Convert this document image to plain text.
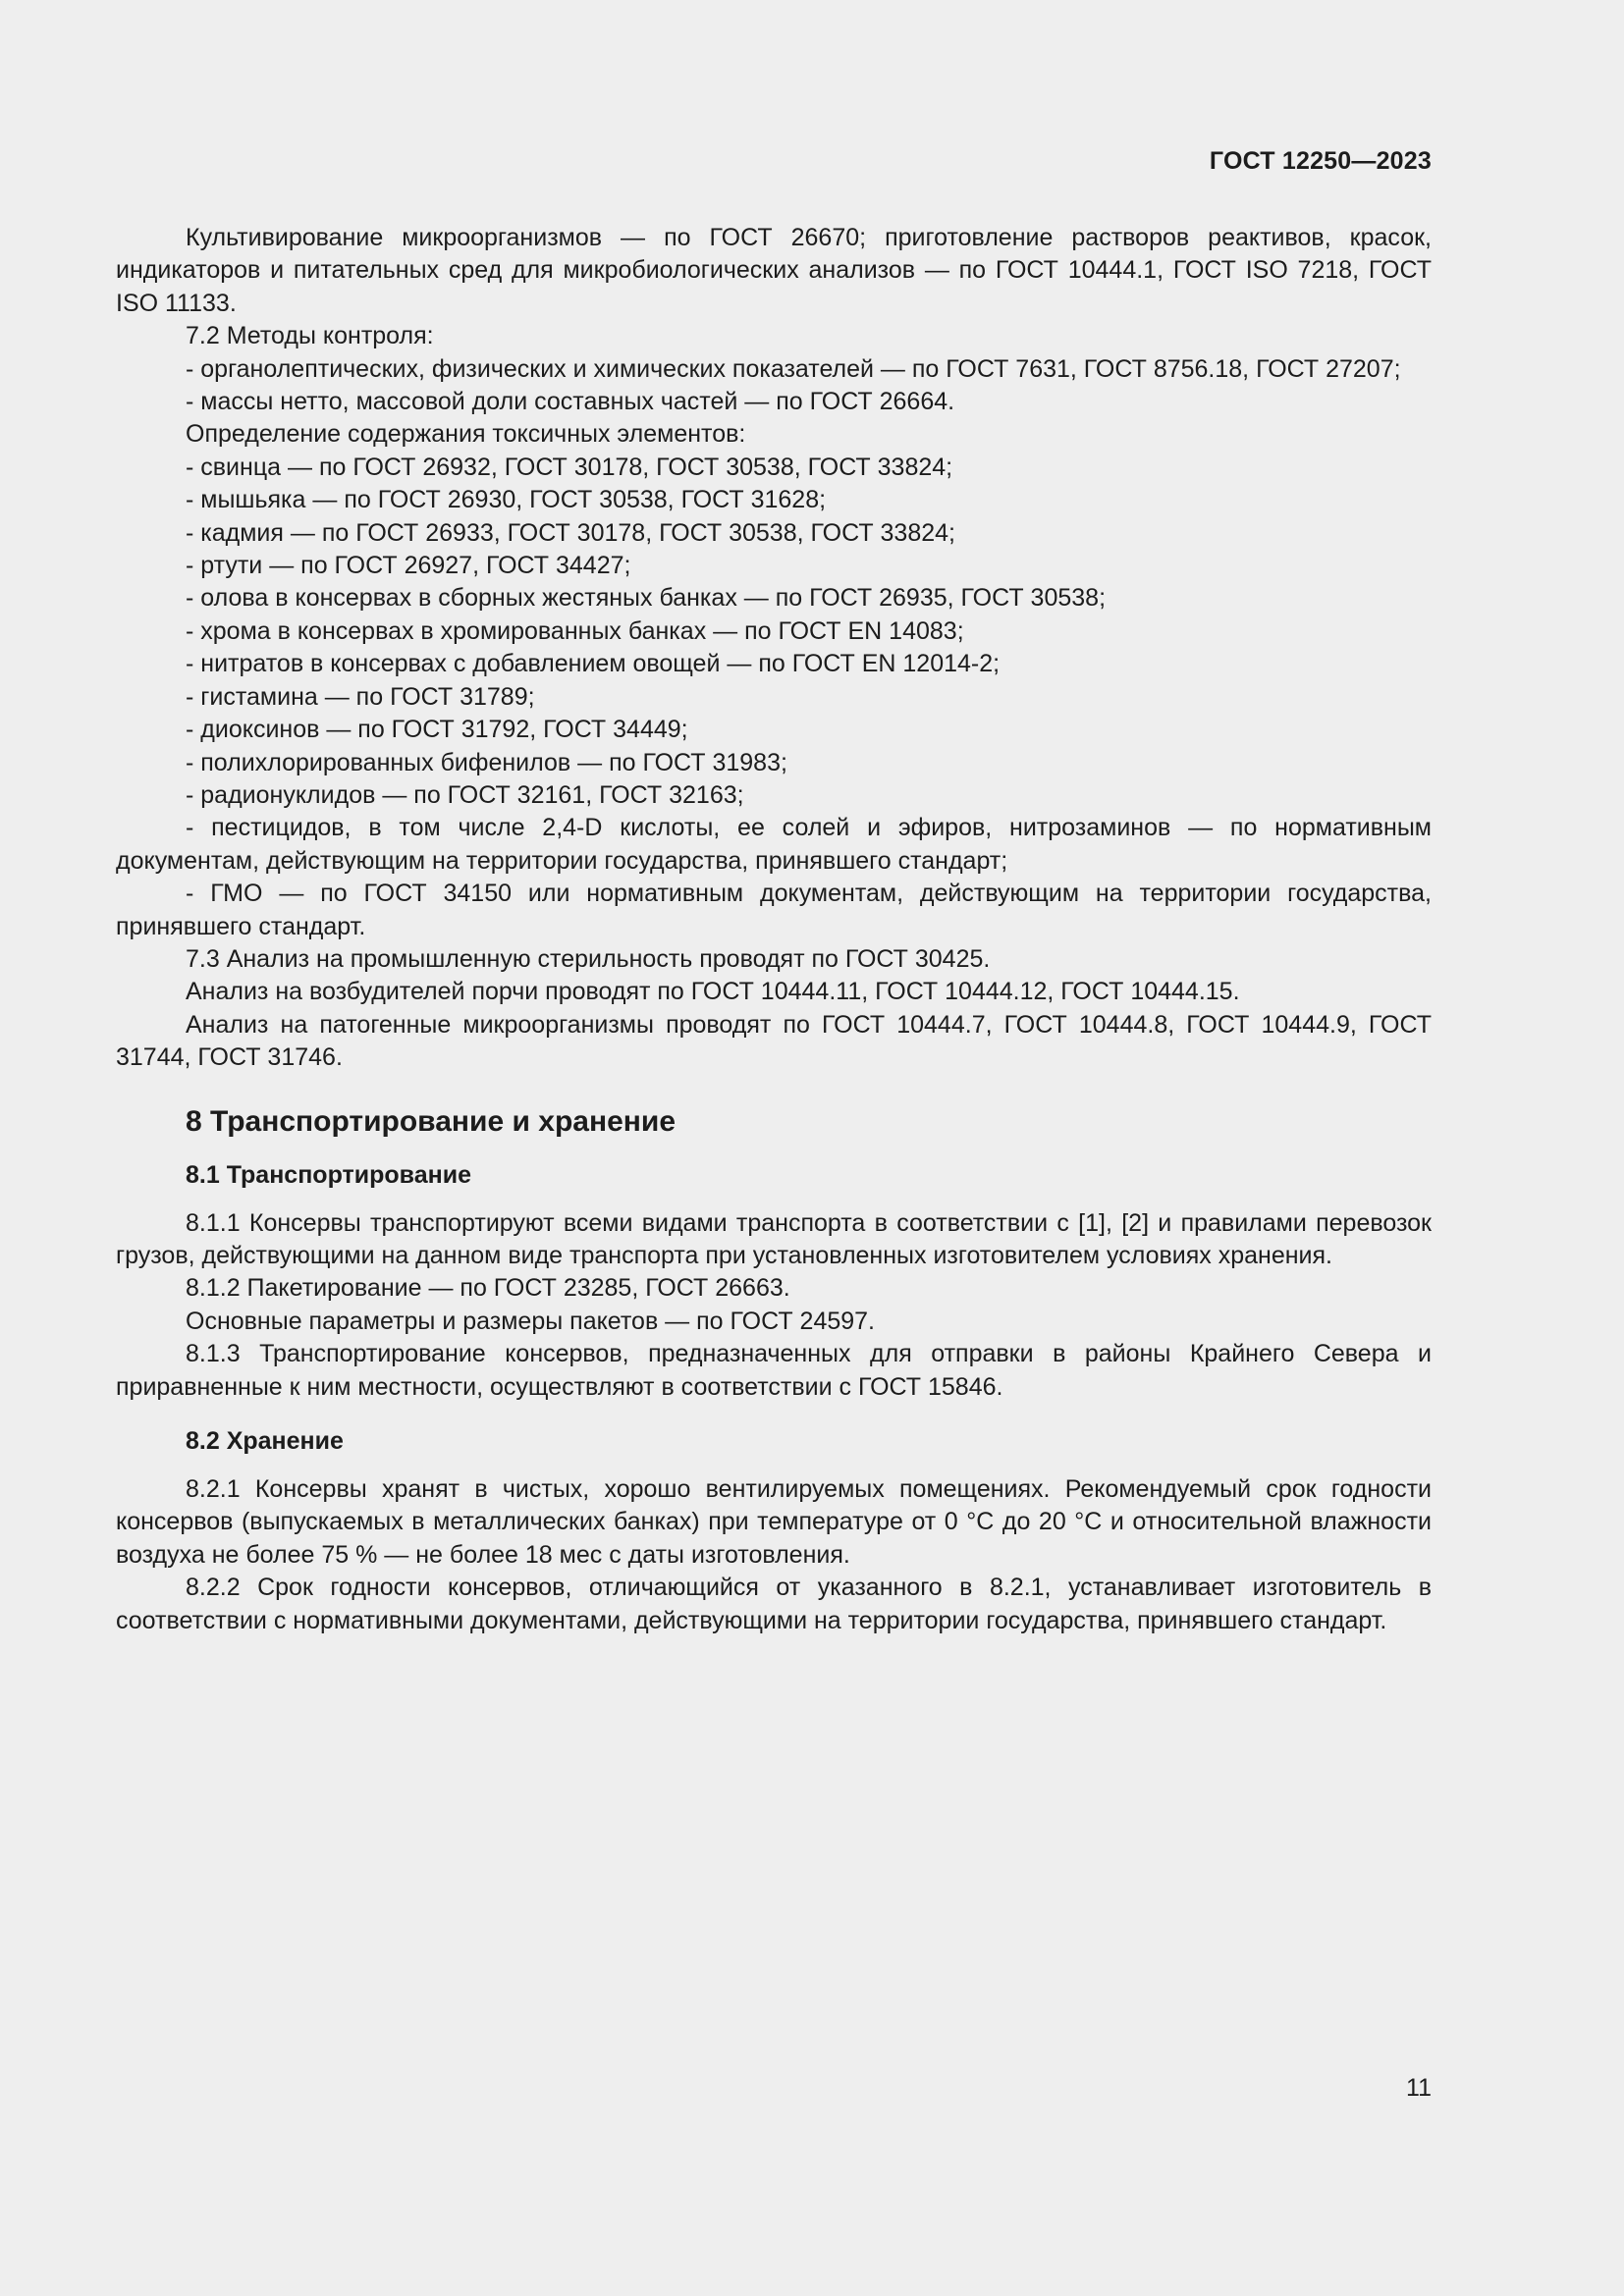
ГОСТ 12250—2023

Культивирование микроорганизмов — по ГОСТ 26670; приготовление растворов реактивов, красок, индикаторов и питательных сред для микробиологических анализов — по ГОСТ 10444.1, ГОСТ ISO 7218, ГОСТ ISO 11133.

7.2 Методы контроля:

- органолептических, физических и химических показателей — по ГОСТ 7631, ГОСТ 8756.18, ГОСТ 27207;

- массы нетто, массовой доли составных частей — по ГОСТ 26664.

Определение содержания токсичных элементов:

- свинца — по ГОСТ 26932, ГОСТ 30178, ГОСТ 30538, ГОСТ 33824;

- мышьяка — по ГОСТ 26930, ГОСТ 30538, ГОСТ 31628;

- кадмия — по ГОСТ 26933, ГОСТ 30178, ГОСТ 30538, ГОСТ 33824;

- ртути — по ГОСТ 26927, ГОСТ 34427;

- олова в консервах в сборных жестяных банках — по ГОСТ 26935, ГОСТ 30538;

- хрома в консервах в хромированных банках — по ГОСТ EN 14083;

- нитратов в консервах с добавлением овощей — по ГОСТ EN 12014-2;

- гистамина — по ГОСТ 31789;

- диоксинов — по ГОСТ 31792, ГОСТ 34449;

- полихлорированных бифенилов — по ГОСТ 31983;

- радионуклидов — по ГОСТ 32161, ГОСТ 32163;

- пестицидов, в том числе 2,4-D кислоты, ее солей и эфиров, нитрозаминов — по нормативным документам, действующим на территории государства, принявшего стандарт;

- ГМО — по ГОСТ 34150 или нормативным документам, действующим на территории государства, принявшего стандарт.

7.3 Анализ на промышленную стерильность проводят по ГОСТ 30425.

Анализ на возбудителей порчи проводят по ГОСТ 10444.11, ГОСТ 10444.12, ГОСТ 10444.15.

Анализ на патогенные микроорганизмы проводят по ГОСТ 10444.7, ГОСТ 10444.8, ГОСТ 10444.9, ГОСТ 31744, ГОСТ 31746.

8 Транспортирование и хранение
8.1 Транспортирование

8.1.1 Консервы транспортируют всеми видами транспорта в соответствии с [1], [2] и правилами перевозок грузов, действующими на данном виде транспорта при установленных изготовителем условиях хранения.

8.1.2 Пакетирование — по ГОСТ 23285, ГОСТ 26663.

Основные параметры и размеры пакетов — по ГОСТ 24597.

8.1.3 Транспортирование консервов, предназначенных для отправки в районы Крайнего Севера и приравненные к ним местности, осуществляют в соответствии с ГОСТ 15846.

8.2 Хранение

8.2.1 Консервы хранят в чистых, хорошо вентилируемых помещениях. Рекомендуемый срок годности консервов (выпускаемых в металлических банках) при температуре от 0 °С до 20 °С и относительной влажности воздуха не более 75 % — не более 18 мес с даты изготовления.

8.2.2 Срок годности консервов, отличающийся от указанного в 8.2.1, устанавливает изготовитель в соответствии с нормативными документами, действующими на территории государства, принявшего стандарт.

11
